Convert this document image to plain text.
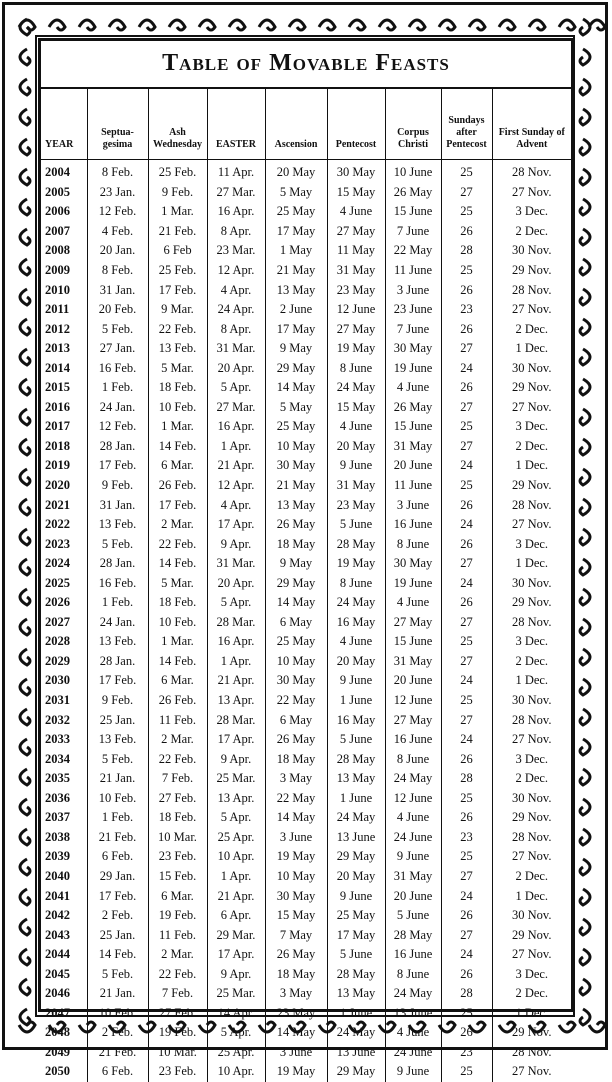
Table of Movable Feasts
YEAR	Septua-gesima	Ash Wednesday	EASTER	Ascension	Pentecost	Corpus Christi	Sundays after Pentecost	First Sunday of Advent
2004	8 Feb.	25 Feb.	11 Apr.	20 May	30 May	10 June	25	28 Nov.
2005	23 Jan.	9 Feb.	27 Mar.	5 May	15 May	26 May	27	27 Nov.
2006	12 Feb.	1 Mar.	16 Apr.	25 May	4 June	15 June	25	3 Dec.
2007	4 Feb.	21 Feb.	8 Apr.	17 May	27 May	7 June	26	2 Dec.
2008	20 Jan.	6 Feb	23 Mar.	1 May	11 May	22 May	28	30 Nov.
2009	8 Feb.	25 Feb.	12 Apr.	21 May	31 May	11 June	25	29 Nov.
2010	31 Jan.	17 Feb.	4 Apr.	13 May	23 May	3 June	26	28 Nov.
2011	20 Feb.	9 Mar.	24 Apr.	2 June	12 June	23 June	23	27 Nov.
2012	5 Feb.	22 Feb.	8 Apr.	17 May	27 May	7 June	26	2 Dec.
2013	27 Jan.	13 Feb.	31 Mar.	9 May	19 May	30 May	27	1 Dec.
2014	16 Feb.	5 Mar.	20 Apr.	29 May	8 June	19 June	24	30 Nov.
2015	1 Feb.	18 Feb.	5 Apr.	14 May	24 May	4 June	26	29 Nov.
2016	24 Jan.	10 Feb.	27 Mar.	5 May	15 May	26 May	27	27 Nov.
2017	12 Feb.	1 Mar.	16 Apr.	25 May	4 June	15 June	25	3 Dec.
2018	28 Jan.	14 Feb.	1 Apr.	10 May	20 May	31 May	27	2 Dec.
2019	17 Feb.	6 Mar.	21 Apr.	30 May	9 June	20 June	24	1 Dec.
2020	9 Feb.	26 Feb.	12 Apr.	21 May	31 May	11 June	25	29 Nov.
2021	31 Jan.	17 Feb.	4 Apr.	13 May	23 May	3 June	26	28 Nov.
2022	13 Feb.	2 Mar.	17 Apr.	26 May	5 June	16 June	24	27 Nov.
2023	5 Feb.	22 Feb.	9 Apr.	18 May	28 May	8 June	26	3 Dec.
2024	28 Jan.	14 Feb.	31 Mar.	9 May	19 May	30 May	27	1 Dec.
2025	16 Feb.	5 Mar.	20 Apr.	29 May	8 June	19 June	24	30 Nov.
2026	1 Feb.	18 Feb.	5 Apr.	14 May	24 May	4 June	26	29 Nov.
2027	24 Jan.	10 Feb.	28 Mar.	6 May	16 May	27 May	27	28 Nov.
2028	13 Feb.	1 Mar.	16 Apr.	25 May	4 June	15 June	25	3 Dec.
2029	28 Jan.	14 Feb.	1 Apr.	10 May	20 May	31 May	27	2 Dec.
2030	17 Feb.	6 Mar.	21 Apr.	30 May	9 June	20 June	24	1 Dec.
2031	9 Feb.	26 Feb.	13 Apr.	22 May	1 June	12 June	25	30 Nov.
2032	25 Jan.	11 Feb.	28 Mar.	6 May	16 May	27 May	27	28 Nov.
2033	13 Feb.	2 Mar.	17 Apr.	26 May	5 June	16 June	24	27 Nov.
2034	5 Feb.	22 Feb.	9 Apr.	18 May	28 May	8 June	26	3 Dec.
2035	21 Jan.	7 Feb.	25 Mar.	3 May	13 May	24 May	28	2 Dec.
2036	10 Feb.	27 Feb.	13 Apr.	22 May	1 June	12 June	25	30 Nov.
2037	1 Feb.	18 Feb.	5 Apr.	14 May	24 May	4 June	26	29 Nov.
2038	21 Feb.	10 Mar.	25 Apr.	3 June	13 June	24 June	23	28 Nov.
2039	6 Feb.	23 Feb.	10 Apr.	19 May	29 May	9 June	25	27 Nov.
2040	29 Jan.	15 Feb.	1 Apr.	10 May	20 May	31 May	27	2 Dec.
2041	17 Feb.	6 Mar.	21 Apr.	30 May	9 June	20 June	24	1 Dec.
2042	2 Feb.	19 Feb.	6 Apr.	15 May	25 May	5 June	26	30 Nov.
2043	25 Jan.	11 Feb.	29 Mar.	7 May	17 May	28 May	27	29 Nov.
2044	14 Feb.	2 Mar.	17 Apr.	26 May	5 June	16 June	24	27 Nov.
2045	5 Feb.	22 Feb.	9 Apr.	18 May	28 May	8 June	26	3 Dec.
2046	21 Jan.	7 Feb.	25 Mar.	3 May	13 May	24 May	28	2 Dec.
2047	10 Feb.	27 Feb.	14 Apr.	23 May	1 June	13 June	25	1 Dec.
2048	2 Feb.	19 Feb.	5 Apr.	14 May	24 May	4 June	26	29 Nov.
2049	21 Feb.	10 Mar.	25 Apr.	3 June	13 June	24 June	23	28 Nov.
2050	6 Feb.	23 Feb.	10 Apr.	19 May	29 May	9 June	25	27 Nov.
